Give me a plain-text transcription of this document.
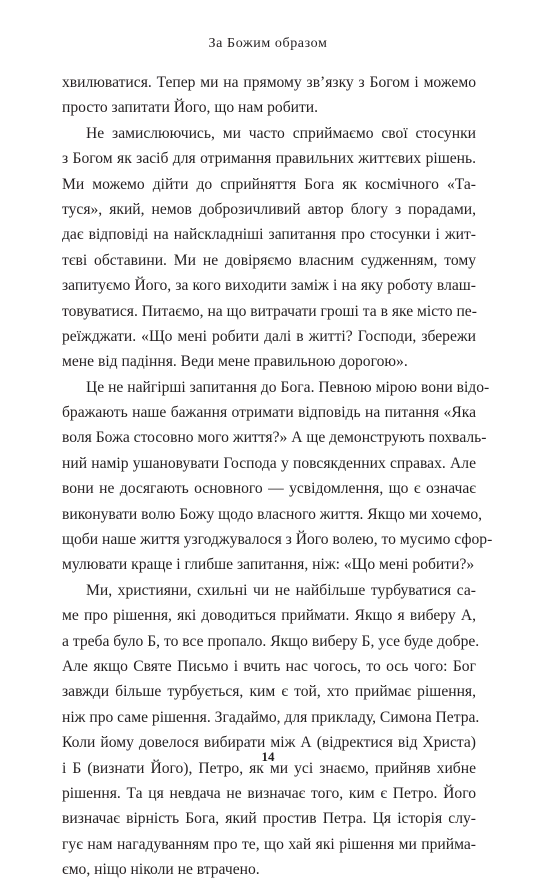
За Божим образом
хвилюватися. Тепер ми на прямому зв’язку з Богом і можемо
просто запитати Його, що нам робити.
Не замислюючись, ми часто сприймаємо свої стосунки
з Богом як засіб для отримання правильних життєвих рішень.
Ми можемо дійти до сприйняття Бога як космічного «Та-
туся», який, немов доброзичливий автор блогу з порадами,
дає відповіді на найскладніші запитання про стосунки і жит-
тєві обставини. Ми не довіряємо власним судженням, тому
запитуємо Його, за кого виходити заміж і на яку роботу влаш-
товуватися. Питаємо, на що витрачати гроші та в яке місто пе-
реїжджати. «Що мені робити далі в житті? Господи, збережи
мене від падіння. Веди мене правильною дорогою».
Це не найгірші запитання до Бога. Певною мірою вони відо-
бражають наше бажання отримати відповідь на питання «Яка
воля Божа стосовно мого життя?» А ще демонструють похваль-
ний намір ушановувати Господа у повсякденних справах. Але
вони не досягають основного — усвідомлення, що є означає
виконувати волю Божу щодо власного життя. Якщо ми хочемо,
щоби наше життя узгоджувалося з Його волею, то мусимо сфор-
мулювати краще і глибше запитання, ніж: «Що мені робити?»
Ми, християни, схильні чи не найбільше турбуватися са-
ме про рішення, які доводиться приймати. Якщо я виберу А,
а треба було Б, то все пропало. Якщо виберу Б, усе буде добре.
Але якщо Святе Письмо і вчить нас чогось, то ось чого: Бог
завжди більше турбується, ким є той, хто приймає рішення,
ніж про саме рішення. Згадаймо, для прикладу, Симона Петра.
Коли йому довелося вибирати між А (відректися від Христа)
і Б (визнати Його), Петро, як ми усі знаємо, прийняв хибне
рішення. Та ця невдача не визначає того, ким є Петро. Його
визначає вірність Бога, який простив Петра. Ця історія слу-
гує нам нагадуванням про те, що хай які рішення ми прийма-
ємо, ніщо ніколи не втрачено.
14
